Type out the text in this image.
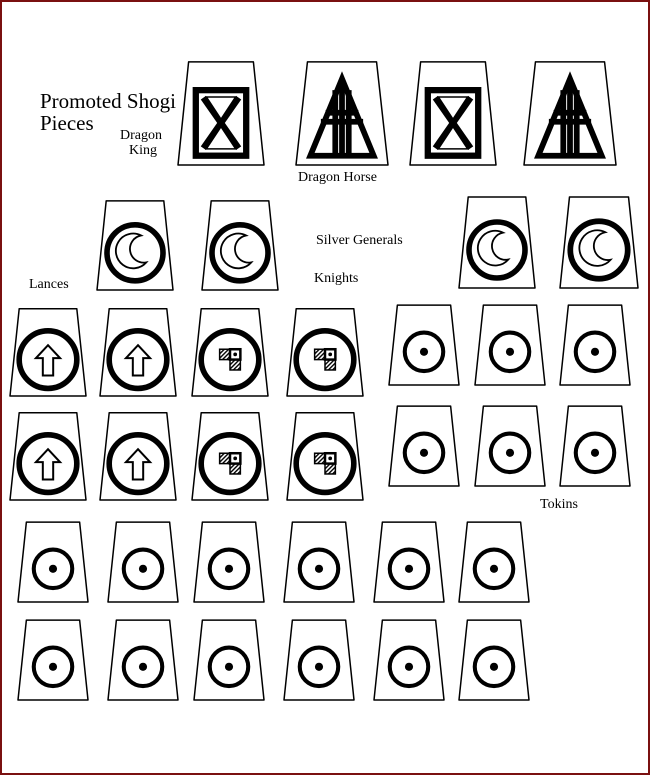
Promoted Shogi
Pieces
Dragon
King
Dragon Horse
Silver Generals
Knights
Lances
Tokins
